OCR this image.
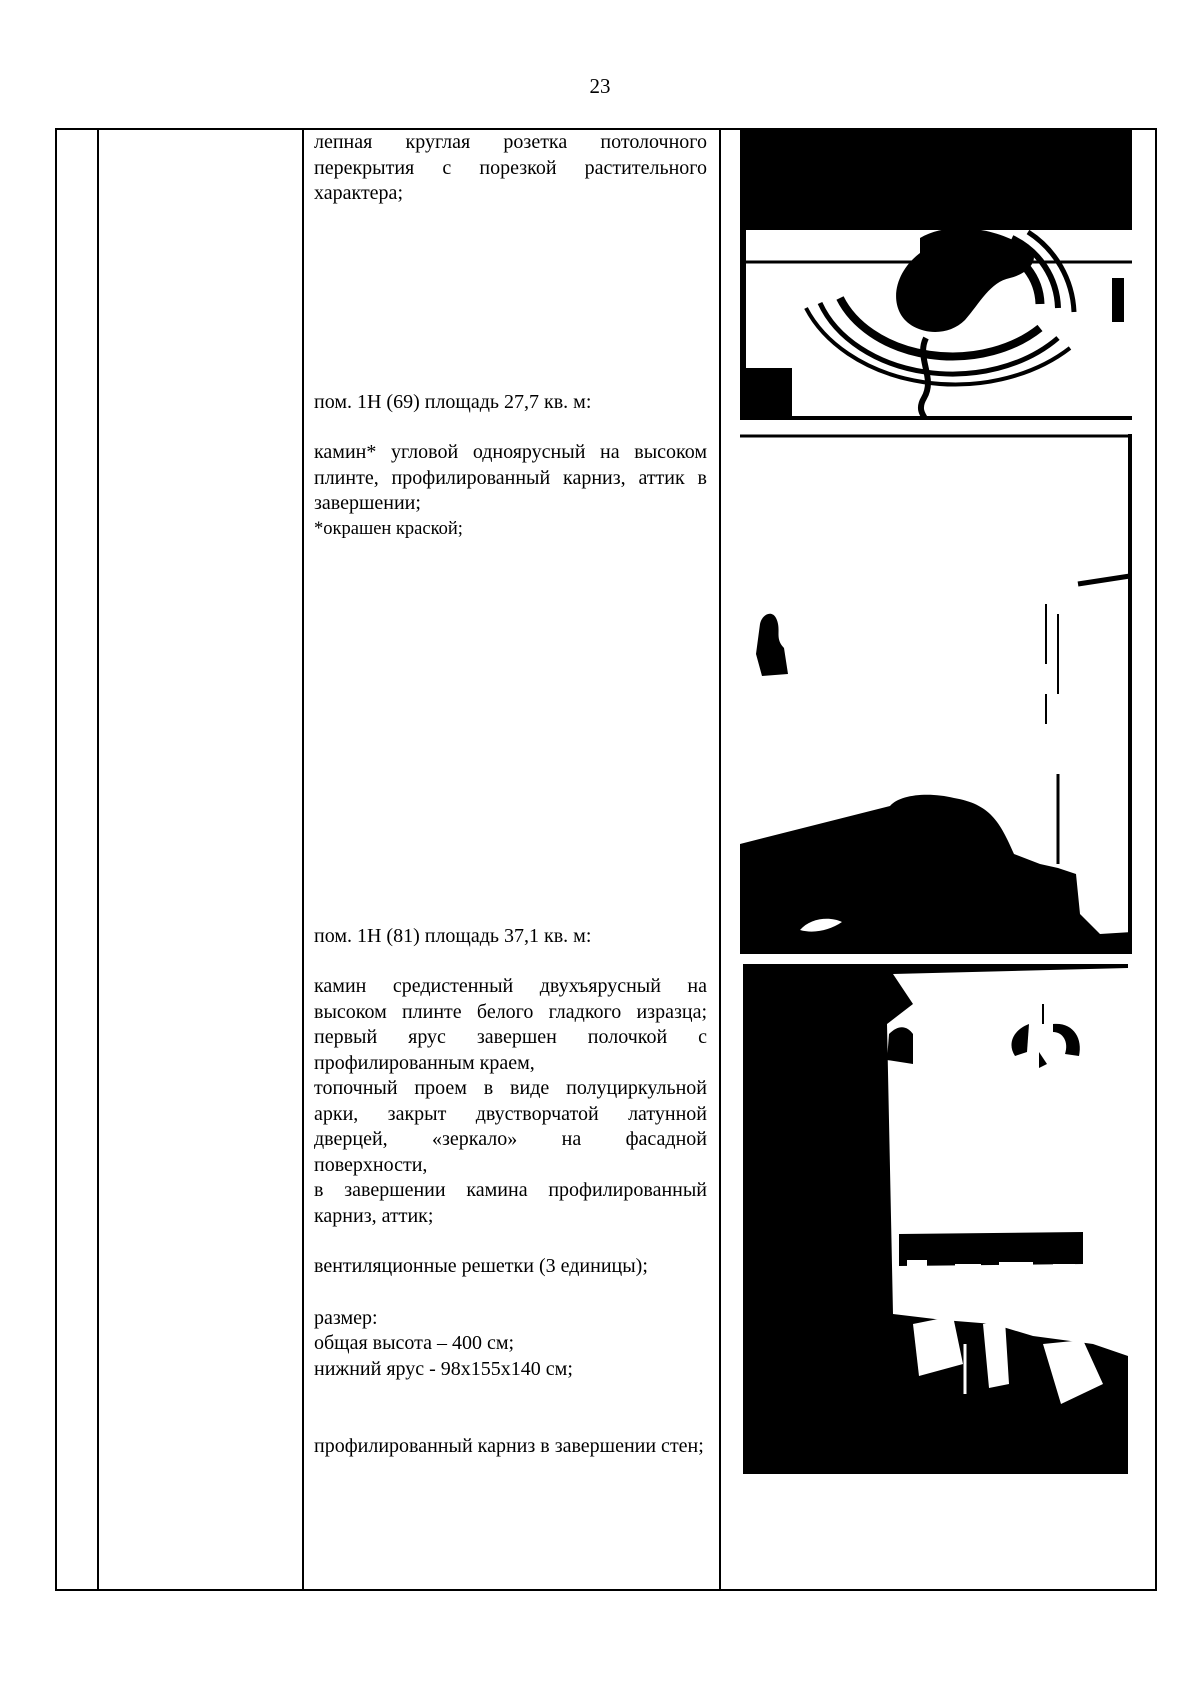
23
лепная круглая розетка потолочного перекрытия с порезкой растительного характера;
пом. 1Н (69) площадь 27,7 кв. м:
камин* угловой одноярусный на высоком плинте, профилированный карниз, аттик в завершении;
*окрашен краской;
пом. 1Н (81) площадь 37,1 кв. м:
камин средистенный двухъярусный на высоком плинте белого гладкого изразца; первый ярус завершен полочкой с профилированным краем,
топочный проем в виде полуциркульной арки, закрыт двустворчатой латунной дверцей, «зеркало» на фасадной поверхности,
в завершении камина профилированный карниз, аттик;
вентиляционные решетки (3 единицы);
размер:
общая высота – 400 см;
нижний ярус - 98х155х140 см;
профилированный карниз в завершении стен;
